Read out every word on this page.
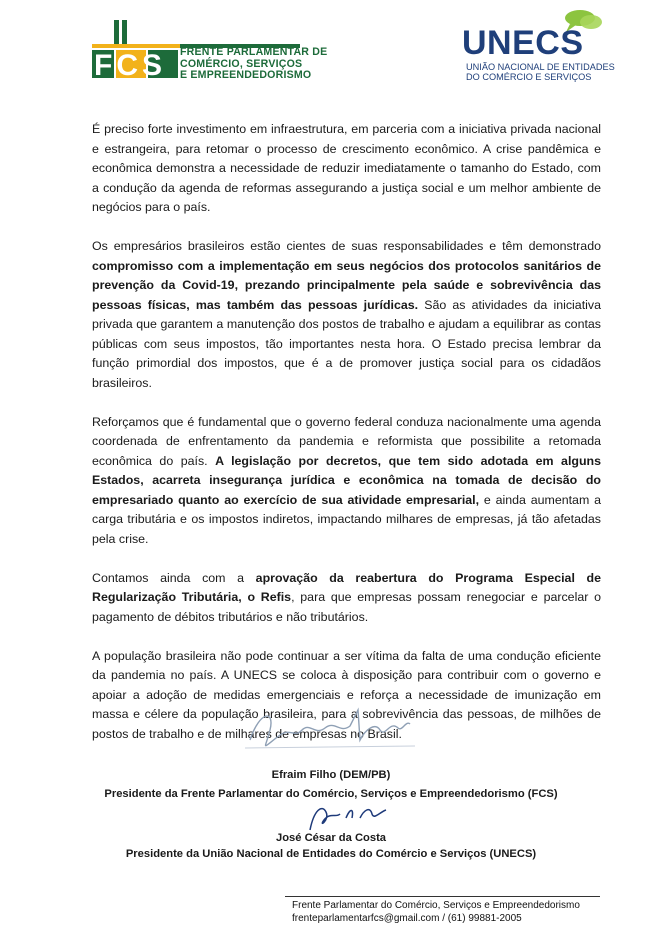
FCS FRENTE PARLAMENTAR DE
COMÉRCIO, SERVIÇOS
E EMPREENDEDORISMO
UNECS
UNIÃO NACIONAL DE ENTIDADES
DO COMÉRCIO E SERVIÇOS

É preciso forte investimento em infraestrutura, em parceria com a iniciativa privada nacional e estrangeira, para retomar o processo de crescimento econômico. A crise pandêmica e econômica demonstra a necessidade de reduzir imediatamente o tamanho do Estado, com a condução da agenda de reformas assegurando a justiça social e um melhor ambiente de negócios para o país.

Os empresários brasileiros estão cientes de suas responsabilidades e têm demonstrado compromisso com a implementação em seus negócios dos protocolos sanitários de prevenção da Covid-19, prezando principalmente pela saúde e sobrevivência das pessoas físicas, mas também das pessoas jurídicas. São as atividades da iniciativa privada que garantem a manutenção dos postos de trabalho e ajudam a equilibrar as contas públicas com seus impostos, tão importantes nesta hora. O Estado precisa lembrar da função primordial dos impostos, que é a de promover justiça social para os cidadãos brasileiros.

Reforçamos que é fundamental que o governo federal conduza nacionalmente uma agenda coordenada de enfrentamento da pandemia e reformista que possibilite a retomada econômica do país. A legislação por decretos, que tem sido adotada em alguns Estados, acarreta insegurança jurídica e econômica na tomada de decisão do empresariado quanto ao exercício de sua atividade empresarial, e ainda aumentam a carga tributária e os impostos indiretos, impactando milhares de empresas, já tão afetadas pela crise.

Contamos ainda com a aprovação da reabertura do Programa Especial de Regularização Tributária, o Refis, para que empresas possam renegociar e parcelar o pagamento de débitos tributários e não tributários.

A população brasileira não pode continuar a ser vítima da falta de uma condução eficiente da pandemia no país. A UNECS se coloca à disposição para contribuir com o governo e apoiar a adoção de medidas emergenciais e reforça a necessidade de imunização em massa e célere da população brasileira, para a sobrevivência das pessoas, de milhões de postos de trabalho e de milhares de empresas no Brasil.

Efraim Filho (DEM/PB)
Presidente da Frente Parlamentar do Comércio, Serviços e Empreendedorismo (FCS)
José César da Costa
Presidente da União Nacional de Entidades do Comércio e Serviços (UNECS)
Frente Parlamentar do Comércio, Serviços e Empreendedorismo
frenteparlamentarfcs@gmail.com / (61) 99881-2005
